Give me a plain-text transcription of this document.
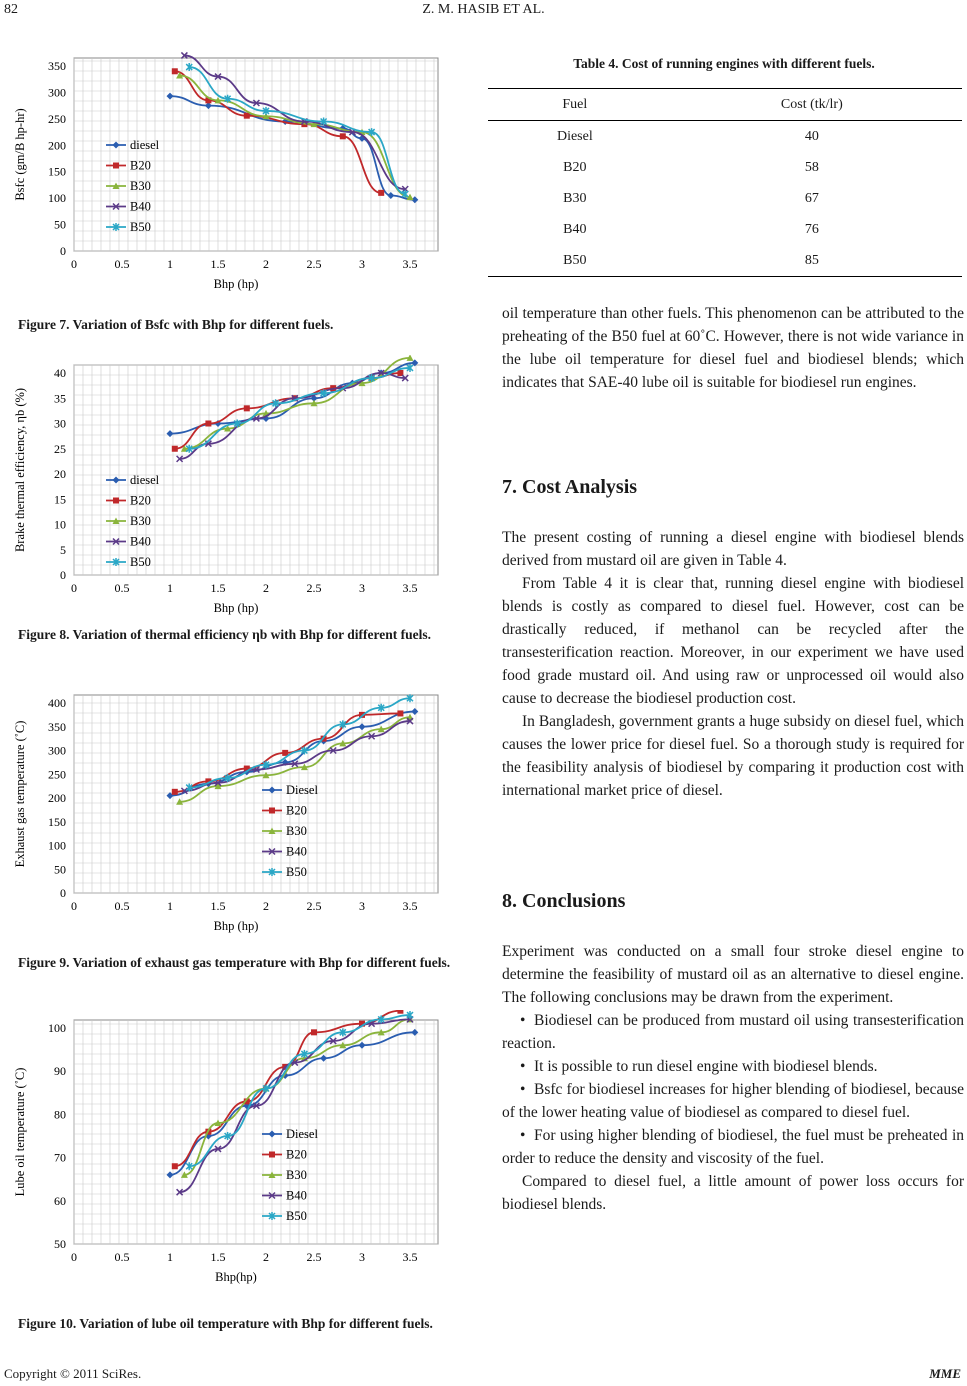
82	Z. M. HASIB ET AL.
0	0.5	1	1.5	2	2.5	3	3.5
0
50
100
150
200
250
300
350
Bhp (hp)
Bsfc (gm/B hp-hr)	diesel
B20
B30
B40
B50
Figure 7. Variation of Bsfc with Bhp for different fuels.
0	0.5	1	1.5	2	2.5	3	3.5
0
5
10
15
20
25
30
35
40
Bhp (hp)
Brake thermal efficiency, ηb (%)	diesel
B20
B30
B40
B50
Figure 8. Variation of thermal efficiency ηb with Bhp for different fuels.
0	0.5	1	1.5	2	2.5	3	3.5
0
50
100
150
200
250
300
350
400
Bhp (hp)
Exhaust gas temperature (˚C)	Diesel
B20
B30
B40
B50
Figure 9. Variation of exhaust gas temperature with Bhp for different fuels.
0	0.5	1	1.5	2	2.5	3	3.5
50
60
70
80
90
100
Bhp(hp)
Lube oil temperature (˚C)	Diesel
B20
B30
B40
B50
Figure 10. Variation of lube oil temperature with Bhp for different fuels.
Table 4. Cost of running engines with different fuels.
Fuel	Cost (tk/lr)
Diesel	40
B20	58
B30	67
B40	76
B50	85

oil temperature than other fuels. This phenomenon can be attributed to the preheating of the B50 fuel at 60˚C. However, there is not wide variance in the lube oil temperature for diesel fuel and biodiesel blends; which indicates that SAE-40 lube oil is suitable for biodiesel run engines.

7. Cost Analysis

The present costing of running a diesel engine with biodiesel blends derived from mustard oil are given in Table 4.

From Table 4 it is clear that, running diesel engine with biodiesel blends is costly as compared to diesel fuel. However, cost can be drastically reduced, if methanol can be recycled after the transesterification reaction. Moreover, in our experiment we have used food grade mustard oil. And using raw or unprocessed oil would also cause to decrease the biodiesel production cost.

In Bangladesh, government grants a huge subsidy on diesel fuel, which causes the lower price for diesel fuel. So a thorough study is required for the feasibility analysis of biodiesel by comparing it production cost with international market price of diesel.

8. Conclusions

Experiment was conducted on a small four stroke diesel engine to determine the feasibility of mustard oil as an alternative to diesel engine. The following conclusions may be drawn from the experiment.

• Biodiesel can be produced from mustard oil using transesterification reaction.
• It is possible to run diesel engine with biodiesel blends.
• Bsfc for biodiesel increases for higher blending of biodiesel, because of the lower heating value of biodiesel as compared to diesel fuel.
• For using higher blending of biodiesel, the fuel must be preheated in order to reduce the density and viscosity of the fuel.

Compared to diesel fuel, a little amount of power loss occurs for biodiesel blends.

Copyright © 2011 SciRes.	MME
